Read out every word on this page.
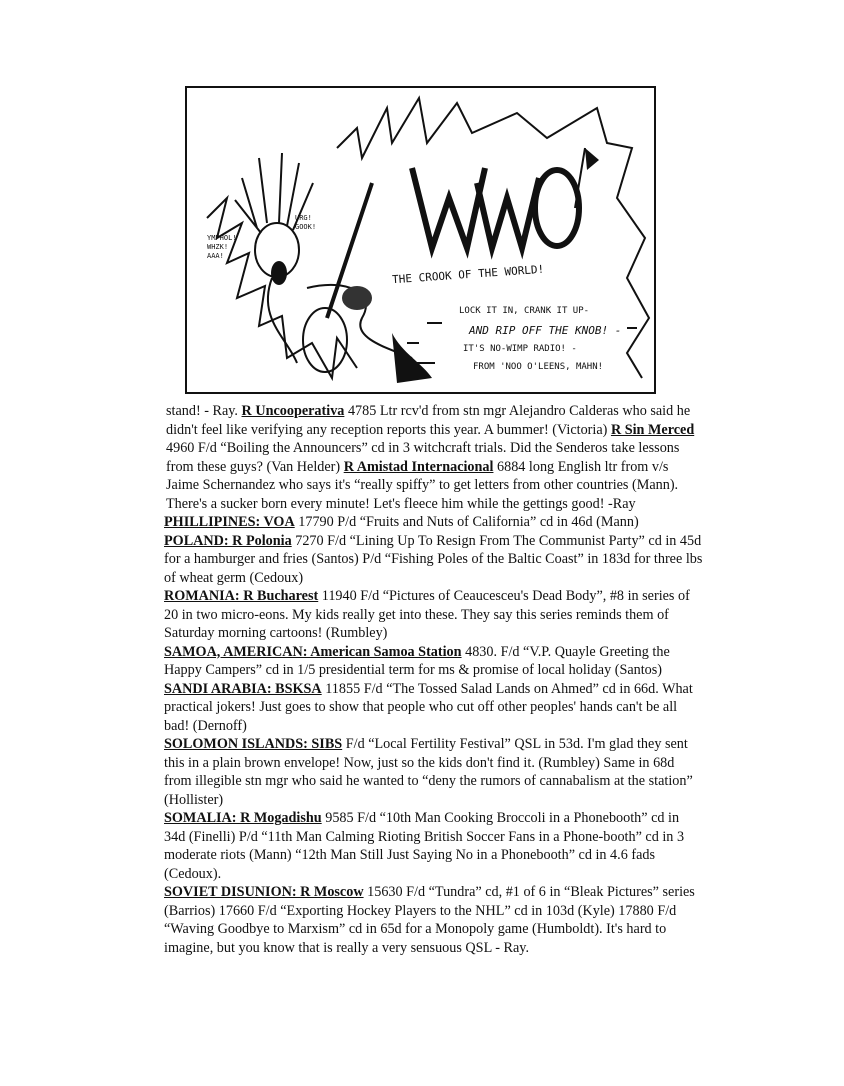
YMPHOL! WHZK! AAA!
URG! GOOK!
THE CROOK OF THE WORLD!
LOCK IT IN, CRANK IT UP-
AND RIP OFF THE KNOB! -
IT'S NO-WIMP RADIO! -
FROM 'NOO O'LEENS, MAHN!

stand! - Ray. R Uncooperativa 4785 Ltr rcv'd from stn mgr Alejandro Calderas who said he didn't feel like verifying any reception reports this year. A bummer! (Victoria) R Sin Merced 4960 F/d “Boiling the Announcers” cd in 3 witchcraft trials. Did the Senderos take lessons from these guys? (Van Helder) R Amistad Internacional 6884 long English ltr from v/s Jaime Schernandez who says it's “really spiffy” to get letters from other countries (Mann). There's a sucker born every minute! Let's fleece him while the gettings good! -Ray

PHILLIPINES: VOA 17790 P/d “Fruits and Nuts of California” cd in 46d (Mann)

POLAND: R Polonia 7270 F/d “Lining Up To Resign From The Communist Party” cd in 45d for a hamburger and fries (Santos) P/d “Fishing Poles of the Baltic Coast” in 183d for three lbs of wheat germ (Cedoux)

ROMANIA: R Bucharest 11940 F/d “Pictures of Ceaucesceu's Dead Body”, #8 in series of 20 in two micro-eons. My kids really get into these. They say this series reminds them of Saturday morning cartoons! (Rumbley)

SAMOA, AMERICAN: American Samoa Station 4830. F/d “V.P. Quayle Greeting the Happy Campers” cd in 1/5 presidential term for ms & promise of local holiday (Santos)

SANDI ARABIA: BSKSA 11855 F/d “The Tossed Salad Lands on Ahmed” cd in 66d. What practical jokers! Just goes to show that people who cut off other peoples' hands can't be all bad! (Dernoff)

SOLOMON ISLANDS: SIBS F/d “Local Fertility Festival” QSL in 53d. I'm glad they sent this in a plain brown envelope! Now, just so the kids don't find it. (Rumbley) Same in 68d from illegible stn mgr who said he wanted to “deny the rumors of cannabalism at the station” (Hollister)

SOMALIA: R Mogadishu 9585 F/d “10th Man Cooking Broccoli in a Phonebooth” cd in 34d (Finelli) P/d “11th Man Calming Rioting British Soccer Fans in a Phone-booth” cd in 3 moderate riots (Mann) “12th Man Still Just Saying No in a Phonebooth” cd in 4.6 fads (Cedoux).

SOVIET DISUNION: R Moscow 15630 F/d “Tundra” cd, #1 of 6 in “Bleak Pictures” series (Barrios) 17660 F/d “Exporting Hockey Players to the NHL” cd in 103d (Kyle) 17880 F/d “Waving Goodbye to Marxism” cd in 65d for a Monopoly game (Humboldt). It's hard to imagine, but you know that is really a very sensuous QSL - Ray.
